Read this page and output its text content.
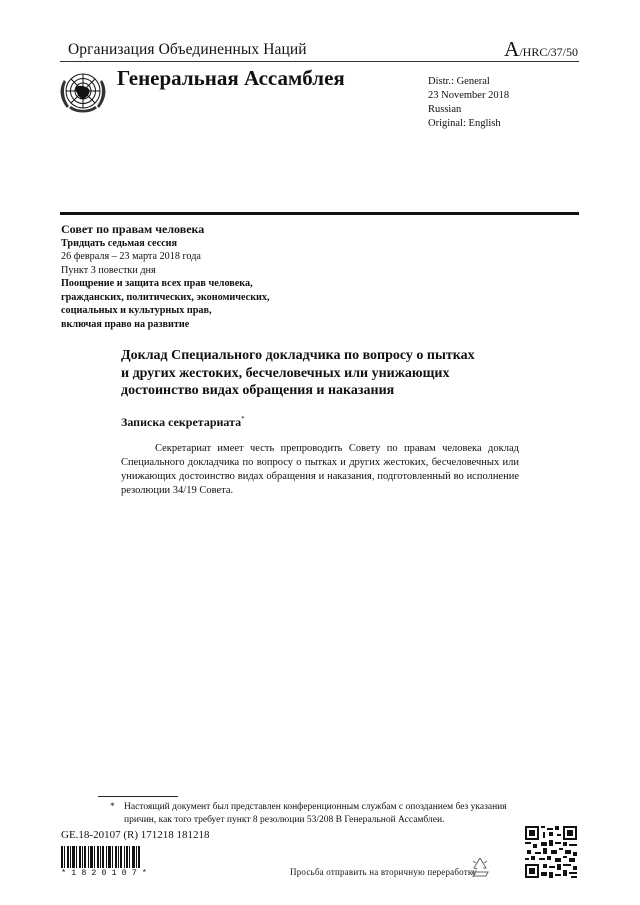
Организация Объединенных Наций	A/HRC/37/50
Генеральная Ассамблея	Distr.: General
23 November 2018
Russian
Original: English
Совет по правам человека
Тридцать седьмая сессия
26 февраля – 23 марта 2018 года
Пункт 3 повестки дня
Поощрение и защита всех прав человека,
гражданских, политических, экономических,
социальных и культурных прав,
включая право на развитие
Доклад Специального докладчика по вопросу о пытках
и других жестоких, бесчеловечных или унижающих
достоинство видах обращения и наказания
Записка секретариата*
Секретариат имеет честь препроводить Совету по правам человека доклад Специального докладчика по вопросу о пытках и других жестоких, бесчеловечных или унижающих достоинство видах обращения и наказания, подготовленный во исполнение резолюции 34/19 Совета.
* Настоящий документ был представлен конференционным службам с опозданием без указания причин, как того требует пункт 8 резолюции 53/208 В Генеральной Ассамблеи.
GE.18-20107 (R) 171218 181218
*1820107*	Просьба отправить на вторичную переработку
